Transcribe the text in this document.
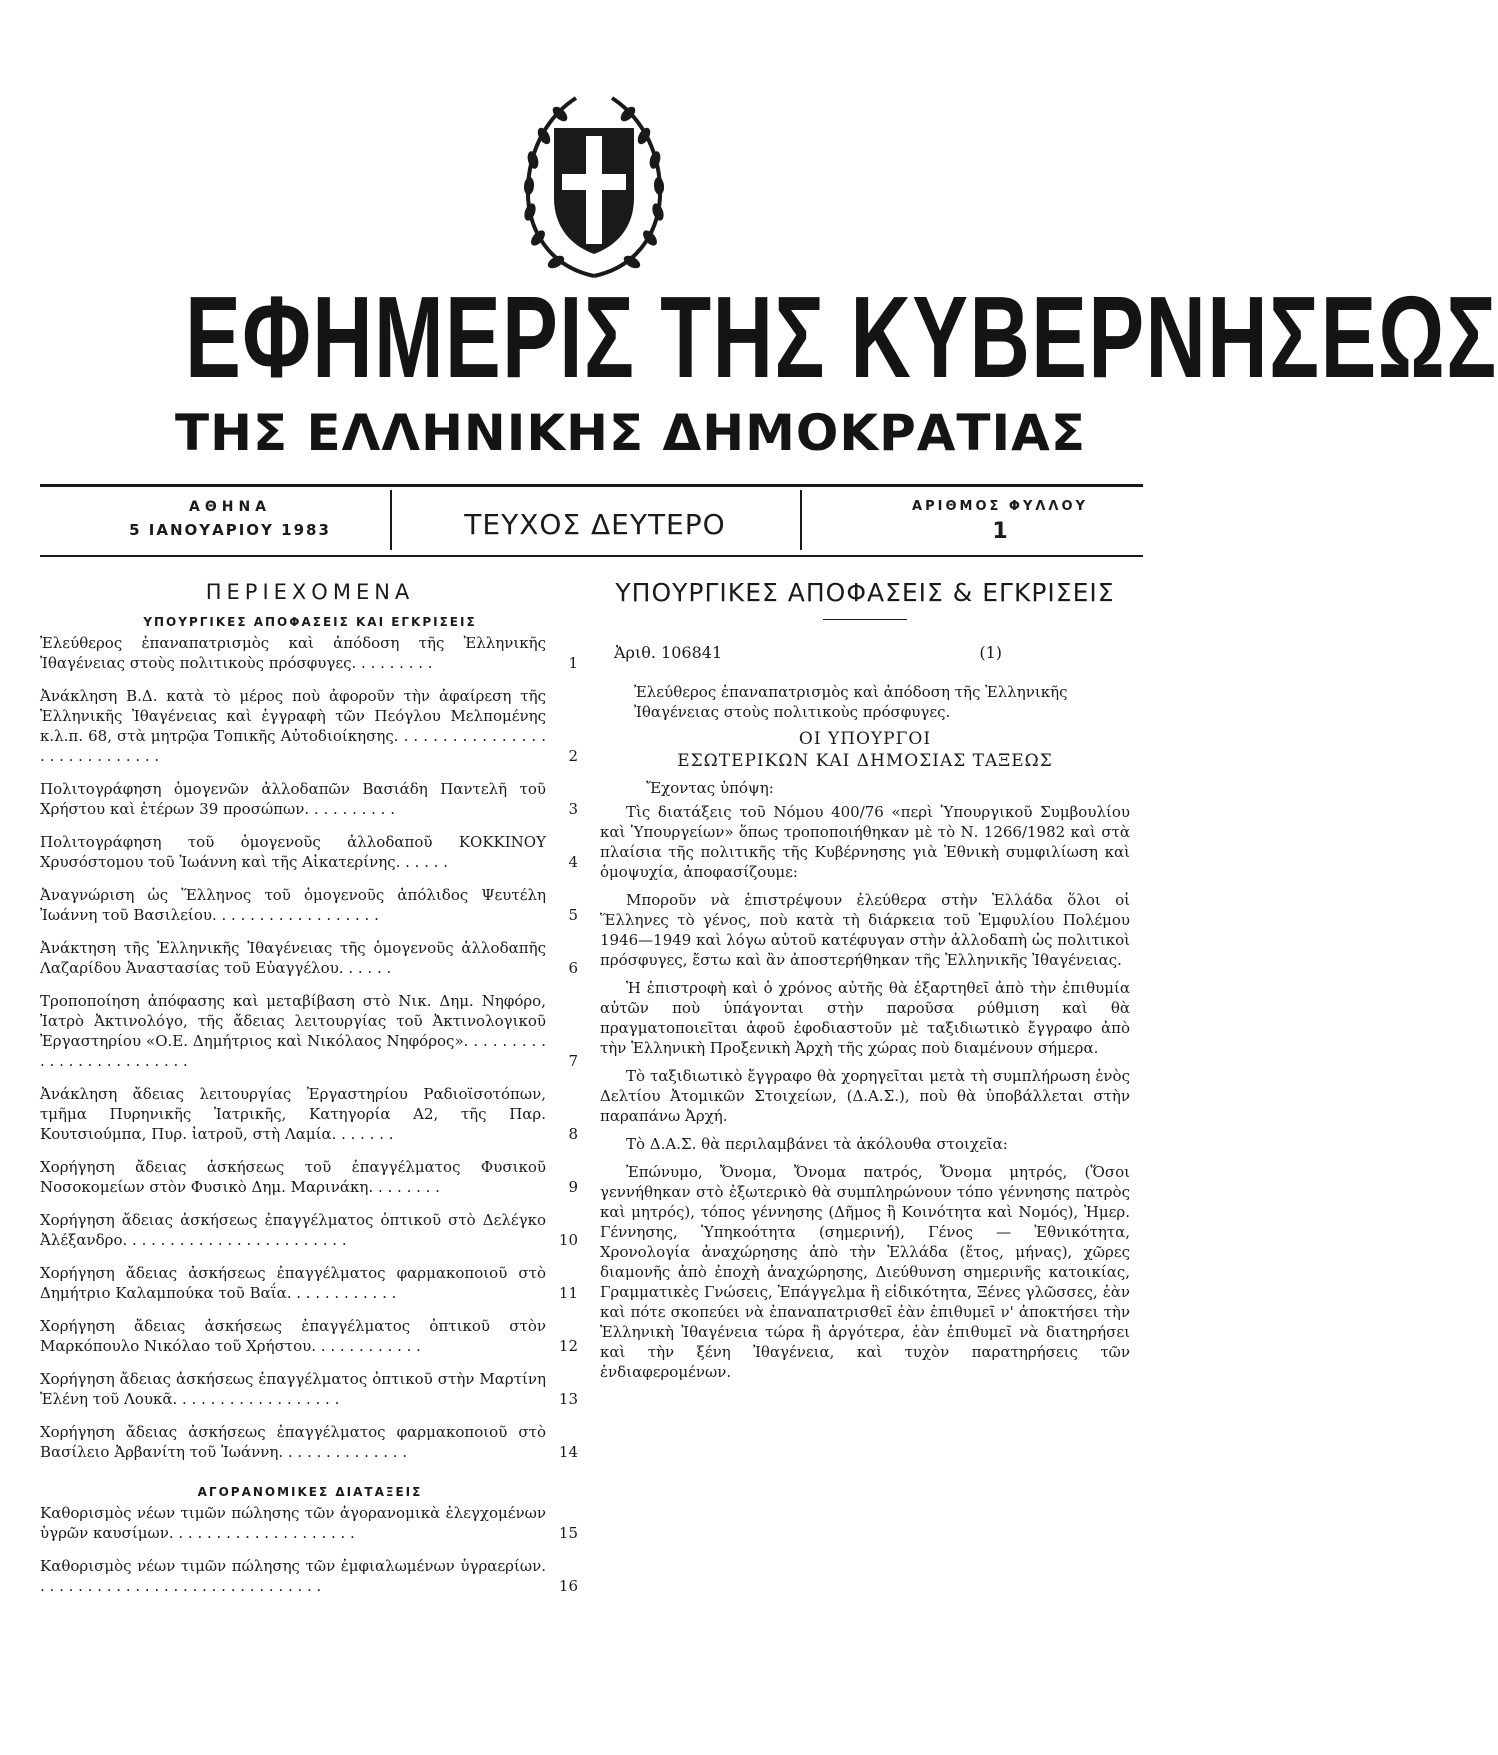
ΕΦΗΜΕΡΙΣ ΤΗΣ ΚΥΒΕΡΝΗΣΕΩΣ
ΤΗΣ ΕΛΛΗΝΙΚΗΣ ΔΗΜΟΚΡΑΤΙΑΣ
ΑΘΗΝΑ
5 ΙΑΝΟΥΑΡΙΟΥ 1983	ΤΕΥΧΟΣ ΔΕΥΤΕΡΟ
ΑΡΙΘΜΟΣ ΦΥΛΛΟΥ
1
ΠΕΡΙΕΧΟΜΕΝΑ
ΥΠΟΥΡΓΙΚΕΣ ΑΠΟΦΑΣΕΙΣ ΚΑΙ ΕΓΚΡΙΣΕΙΣ
Ἐλεύθερος ἐπαναπατρισμὸς καὶ ἀπόδοση τῆς Ἑλληνικῆς Ἰθαγένειας στοὺς πολιτικοὺς πρόσφυγες. . . . . . . . .	1
Ἀνάκληση Β.Δ. κατὰ τὸ μέρος ποὺ ἀφοροῦν τὴν ἀφαίρεση τῆς Ἑλληνικῆς Ἰθαγένειας καὶ ἐγγραφὴ τῶν Πεόγλου Μελπομένης κ.λ.π. 68, στὰ μητρῷα Τοπικῆς Αὐτοδιοίκησης. . . . . . . . . . . . . . . . . . . . . . . . . . . . .	2
Πολιτογράφηση ὁμογενῶν ἀλλοδαπῶν Βασιάδη Παντελῆ τοῦ Χρήστου καὶ ἑτέρων 39 προσώπων. . . . . . . . . .	3
Πολιτογράφηση τοῦ ὁμογενοῦς ἀλλοδαποῦ ΚΟΚΚΙΝΟΥ Χρυσόστομου τοῦ Ἰωάννη καὶ τῆς Αἰκατερίνης. . . . . .	4
Ἀναγνώριση ὡς Ἕλληνος τοῦ ὁμογενοῦς ἀπόλιδος Ψευτέλη Ἰωάννη τοῦ Βασιλείου. . . . . . . . . . . . . . . . . .	5
Ἀνάκτηση τῆς Ἑλληνικῆς Ἰθαγένειας τῆς ὁμογενοῦς ἀλλοδαπῆς Λαζαρίδου Ἀναστασίας τοῦ Εὐαγγέλου. . . . . .	6
Τροποποίηση ἀπόφασης καὶ μεταβίβαση στὸ Νικ. Δημ. Νηφόρο, Ἰατρὸ Ἀκτινολόγο, τῆς ἄδειας λειτουργίας τοῦ Ἀκτινολογικοῦ Ἐργαστηρίου «Ο.Ε. Δημήτριος καὶ Νικόλαος Νηφόρος». . . . . . . . . . . . . . . . . . . . . . . . .	7
Ἀνάκληση ἄδειας λειτουργίας Ἐργαστηρίου Ραδιοϊσοτόπων, τμῆμα Πυρηνικῆς Ἰατρικῆς, Κατηγορία Α2, τῆς Παρ. Κουτσιούμπα, Πυρ. ἰατροῦ, στὴ Λαμία. . . . . . .	8
Χορήγηση ἄδειας ἀσκήσεως τοῦ ἐπαγγέλματος Φυσικοῦ Νοσοκομείων στὸν Φυσικὸ Δημ. Μαρινάκη. . . . . . . .	9
Χορήγηση ἄδειας ἀσκήσεως ἐπαγγέλματος ὀπτικοῦ στὸ Δελέγκο Ἀλέξανδρο. . . . . . . . . . . . . . . . . . . . . . . .	10
Χορήγηση ἄδειας ἀσκήσεως ἐπαγγέλματος φαρμακοποιοῦ στὸ Δημήτριο Καλαμπούκα τοῦ Βαΐα. . . . . . . . . . . .	11
Χορήγηση ἄδειας ἀσκήσεως ἐπαγγέλματος ὀπτικοῦ στὸν Μαρκόπουλο Νικόλαο τοῦ Χρήστου. . . . . . . . . . . .	12
Χορήγηση ἄδειας ἀσκήσεως ἐπαγγέλματος ὀπτικοῦ στὴν Μαρτίνη Ἑλένη τοῦ Λουκᾶ. . . . . . . . . . . . . . . . . .	13
Χορήγηση ἄδειας ἀσκήσεως ἐπαγγέλματος φαρμακοποιοῦ στὸ Βασίλειο Ἀρβανίτη τοῦ Ἰωάννη. . . . . . . . . . . . . .	14
ΑΓΟΡΑΝΟΜΙΚΕΣ ΔΙΑΤΑΞΕΙΣ
Καθορισμὸς νέων τιμῶν πώλησης τῶν ἀγορανομικὰ ἐλεγχομένων ὑγρῶν καυσίμων. . . . . . . . . . . . . . . . . . . .	15
Καθορισμὸς νέων τιμῶν πώλησης τῶν ἐμφιαλωμένων ὑγραερίων. . . . . . . . . . . . . . . . . . . . . . . . . . . . . . .	16
ΥΠΟΥΡΓΙΚΕΣ ΑΠΟΦΑΣΕΙΣ & ΕΓΚΡΙΣΕΙΣ
Ἀριθ. 106841	(1)
Ἐλεύθερος ἐπαναπατρισμὸς καὶ ἀπόδοση τῆς Ἑλληνικῆς Ἰθαγένειας στοὺς πολιτικοὺς πρόσφυγες.
ΟΙ ΥΠΟΥΡΓΟΙ
ΕΣΩΤΕΡΙΚΩΝ ΚΑΙ ΔΗΜΟΣΙΑΣ ΤΑΞΕΩΣ
Ἔχοντας ὑπόψη:

Τὶς διατάξεις τοῦ Νόμου 400/76 «περὶ Ὑπουργικοῦ Συμβουλίου καὶ Ὑπουργείων» ὅπως τροποποιήθηκαν μὲ τὸ Ν. 1266/1982 καὶ στὰ πλαίσια τῆς πολιτικῆς τῆς Κυβέρνησης γιὰ Ἐθνικὴ συμφιλίωση καὶ ὁμοψυχία, ἀποφασίζουμε:

Μποροῦν νὰ ἐπιστρέψουν ἐλεύθερα στὴν Ἑλλάδα ὅλοι οἱ Ἕλληνες τὸ γένος, ποὺ κατὰ τὴ διάρκεια τοῦ Ἐμφυλίου Πολέμου 1946—1949 καὶ λόγω αὐτοῦ κατέφυγαν στὴν ἀλλοδαπὴ ὡς πολιτικοὶ πρόσφυγες, ἔστω καὶ ἂν ἀποστερήθηκαν τῆς Ἑλληνικῆς Ἰθαγένειας.

Ἡ ἐπιστροφὴ καὶ ὁ χρόνος αὐτῆς θὰ ἐξαρτηθεῖ ἀπὸ τὴν ἐπιθυμία αὐτῶν ποὺ ὑπάγονται στὴν παροῦσα ρύθμιση καὶ θὰ πραγματοποιεῖται ἀφοῦ ἐφοδιαστοῦν μὲ ταξιδιωτικὸ ἔγγραφο ἀπὸ τὴν Ἑλληνικὴ Προξενικὴ Ἀρχὴ τῆς χώρας ποὺ διαμένουν σήμερα.

Τὸ ταξιδιωτικὸ ἔγγραφο θὰ χορηγεῖται μετὰ τὴ συμπλήρωση ἑνὸς Δελτίου Ἀτομικῶν Στοιχείων, (Δ.Α.Σ.), ποὺ θὰ ὑποβάλλεται στὴν παραπάνω Ἀρχή.

Τὸ Δ.Α.Σ. θὰ περιλαμβάνει τὰ ἀκόλουθα στοιχεῖα:

Ἐπώνυμο, Ὄνομα, Ὄνομα πατρός, Ὄνομα μητρός, (Ὅσοι γεννήθηκαν στὸ ἐξωτερικὸ θὰ συμπληρώνουν τόπο γέννησης πατρὸς καὶ μητρός), τόπος γέννησης (Δῆμος ἢ Κοινότητα καὶ Νομός), Ἡμερ. Γέννησης, Ὑπηκοότητα (σημερινή), Γένος — Ἐθνικότητα, Χρονολογία ἀναχώρησης ἀπὸ τὴν Ἑλλάδα (ἔτος, μήνας), χῶρες διαμονῆς ἀπὸ ἐποχὴ ἀναχώρησης, Διεύθυνση σημερινῆς κατοικίας, Γραμματικὲς Γνώσεις, Ἐπάγγελμα ἢ εἰδικότητα, Ξένες γλῶσσες, ἐὰν καὶ πότε σκοπεύει νὰ ἐπαναπατρισθεῖ ἐὰν ἐπιθυμεῖ ν' ἀποκτήσει τὴν Ἑλληνικὴ Ἰθαγένεια τώρα ἢ ἀργότερα, ἐὰν ἐπιθυμεῖ νὰ διατηρήσει καὶ τὴν ξένη Ἰθαγένεια, καὶ τυχὸν παρατηρήσεις τῶν ἐνδιαφερομένων.
